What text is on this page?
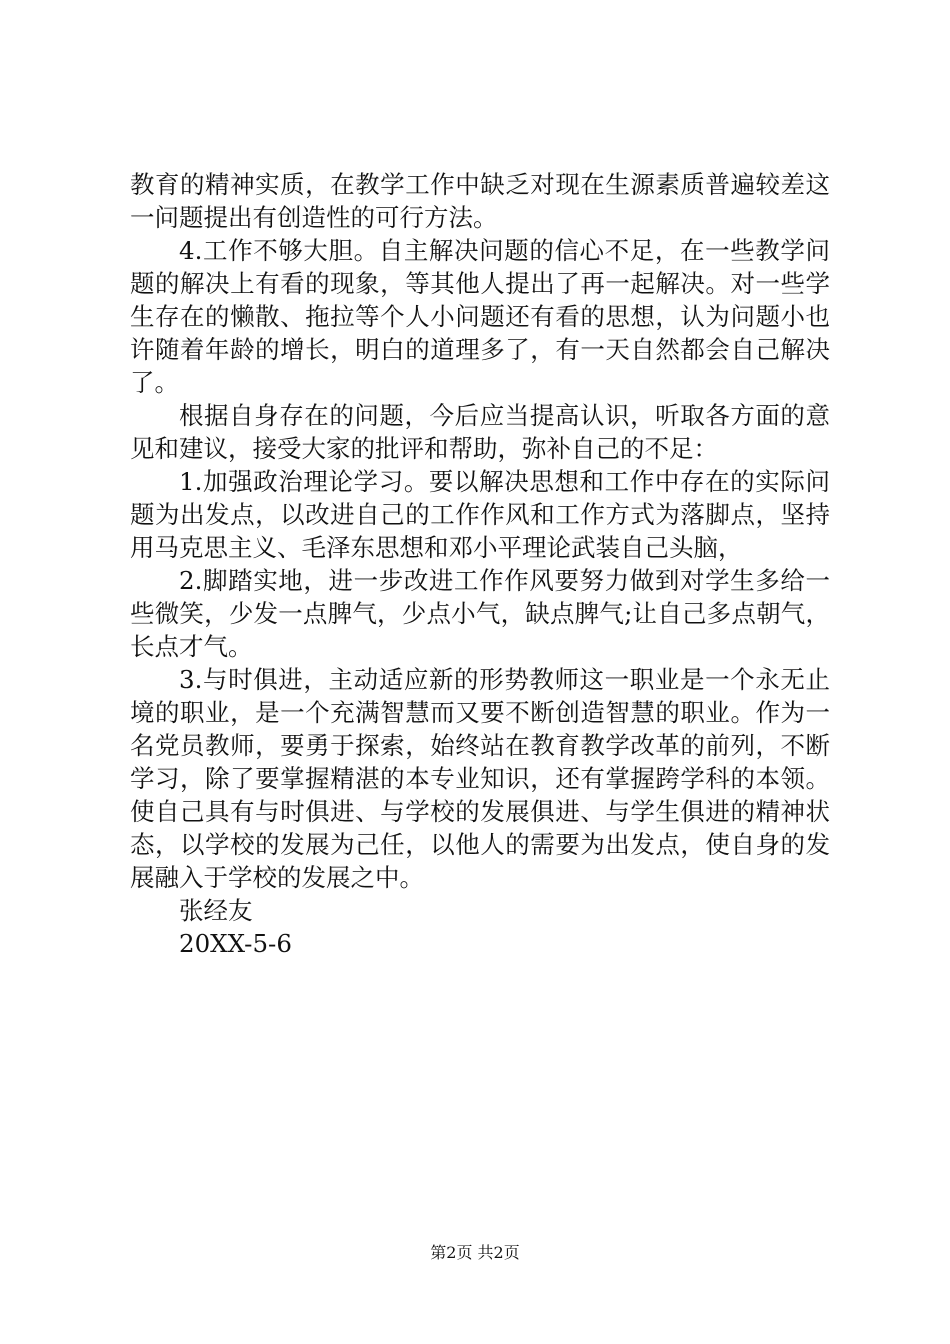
教育的精神实质，在教学工作中缺乏对现在生源素质普遍较差这一问题提出有创造性的可行方法。

4.工作不够大胆。自主解决问题的信心不足，在一些教学问题的解决上有看的现象，等其他人提出了再一起解决。对一些学生存在的懒散、拖拉等个人小问题还有看的思想，认为问题小也许随着年龄的增长，明白的道理多了，有一天自然都会自己解决了。

根据自身存在的问题，今后应当提高认识，听取各方面的意见和建议，接受大家的批评和帮助，弥补自己的不足：

1.加强政治理论学习。要以解决思想和工作中存在的实际问题为出发点，以改进自己的工作作风和工作方式为落脚点，坚持用马克思主义、毛泽东思想和邓小平理论武装自己头脑，

2.脚踏实地，进一步改进工作作风要努力做到对学生多给一些微笑，少发一点脾气，少点小气，缺点脾气;让自己多点朝气，长点才气。

3.与时俱进，主动适应新的形势教师这一职业是一个永无止境的职业，是一个充满智慧而又要不断创造智慧的职业。作为一名党员教师，要勇于探索，始终站在教育教学改革的前列，不断学习，除了要掌握精湛的本专业知识，还有掌握跨学科的本领。使自己具有与时俱进、与学校的发展俱进、与学生俱进的精神状态，以学校的发展为己任，以他人的需要为出发点，使自身的发展融入于学校的发展之中。

张经友

20XX-5-6

第2页 共2页
